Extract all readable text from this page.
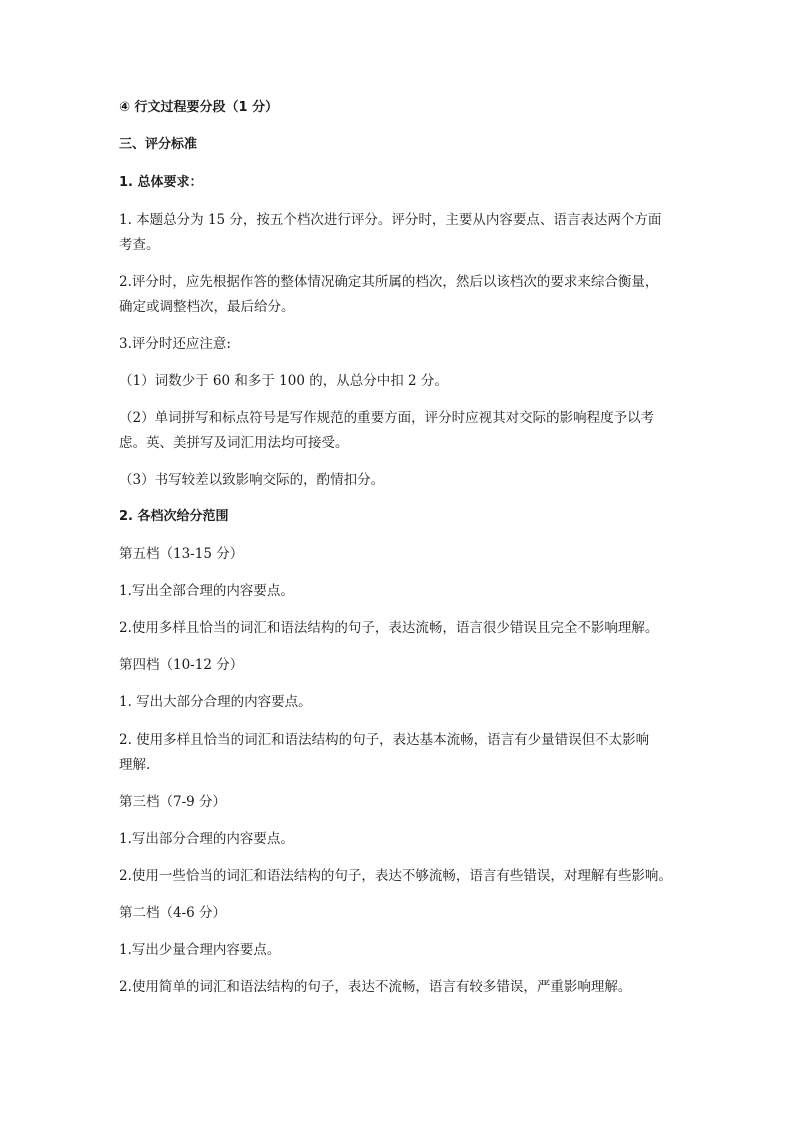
④ 行文过程要分段（1 分）
三、评分标准
1. 总体要求：
1. 本题总分为 15 分，按五个档次进行评分。评分时，主要从内容要点、语言表达两个方面
考查。
2.评分时，应先根据作答的整体情况确定其所属的档次，然后以该档次的要求来综合衡量，
确定或调整档次，最后给分。
3.评分时还应注意:
（1）词数少于 60 和多于 100 的，从总分中扣 2 分。
（2）单词拼写和标点符号是写作规范的重要方面，评分时应视其对交际的影响程度予以考
虑。英、美拼写及词汇用法均可接受。
（3）书写较差以致影响交际的，酌情扣分。
2. 各档次给分范围
第五档（13-15 分）
1.写出全部合理的内容要点。
2.使用多样且恰当的词汇和语法结构的句子，表达流畅，语言很少错误且完全不影响理解。
第四档（10-12 分）
1. 写出大部分合理的内容要点。
2. 使用多样且恰当的词汇和语法结构的句子，表达基本流畅，语言有少量错误但不太影响
理解.
第三档（7-9 分）
1.写出部分合理的内容要点。
2.使用一些恰当的词汇和语法结构的句子，表达不够流畅，语言有些错误，对理解有些影响。
第二档（4-6 分）
1.写出少量合理内容要点。
2.使用简单的词汇和语法结构的句子，表达不流畅，语言有较多错误，严重影响理解。
